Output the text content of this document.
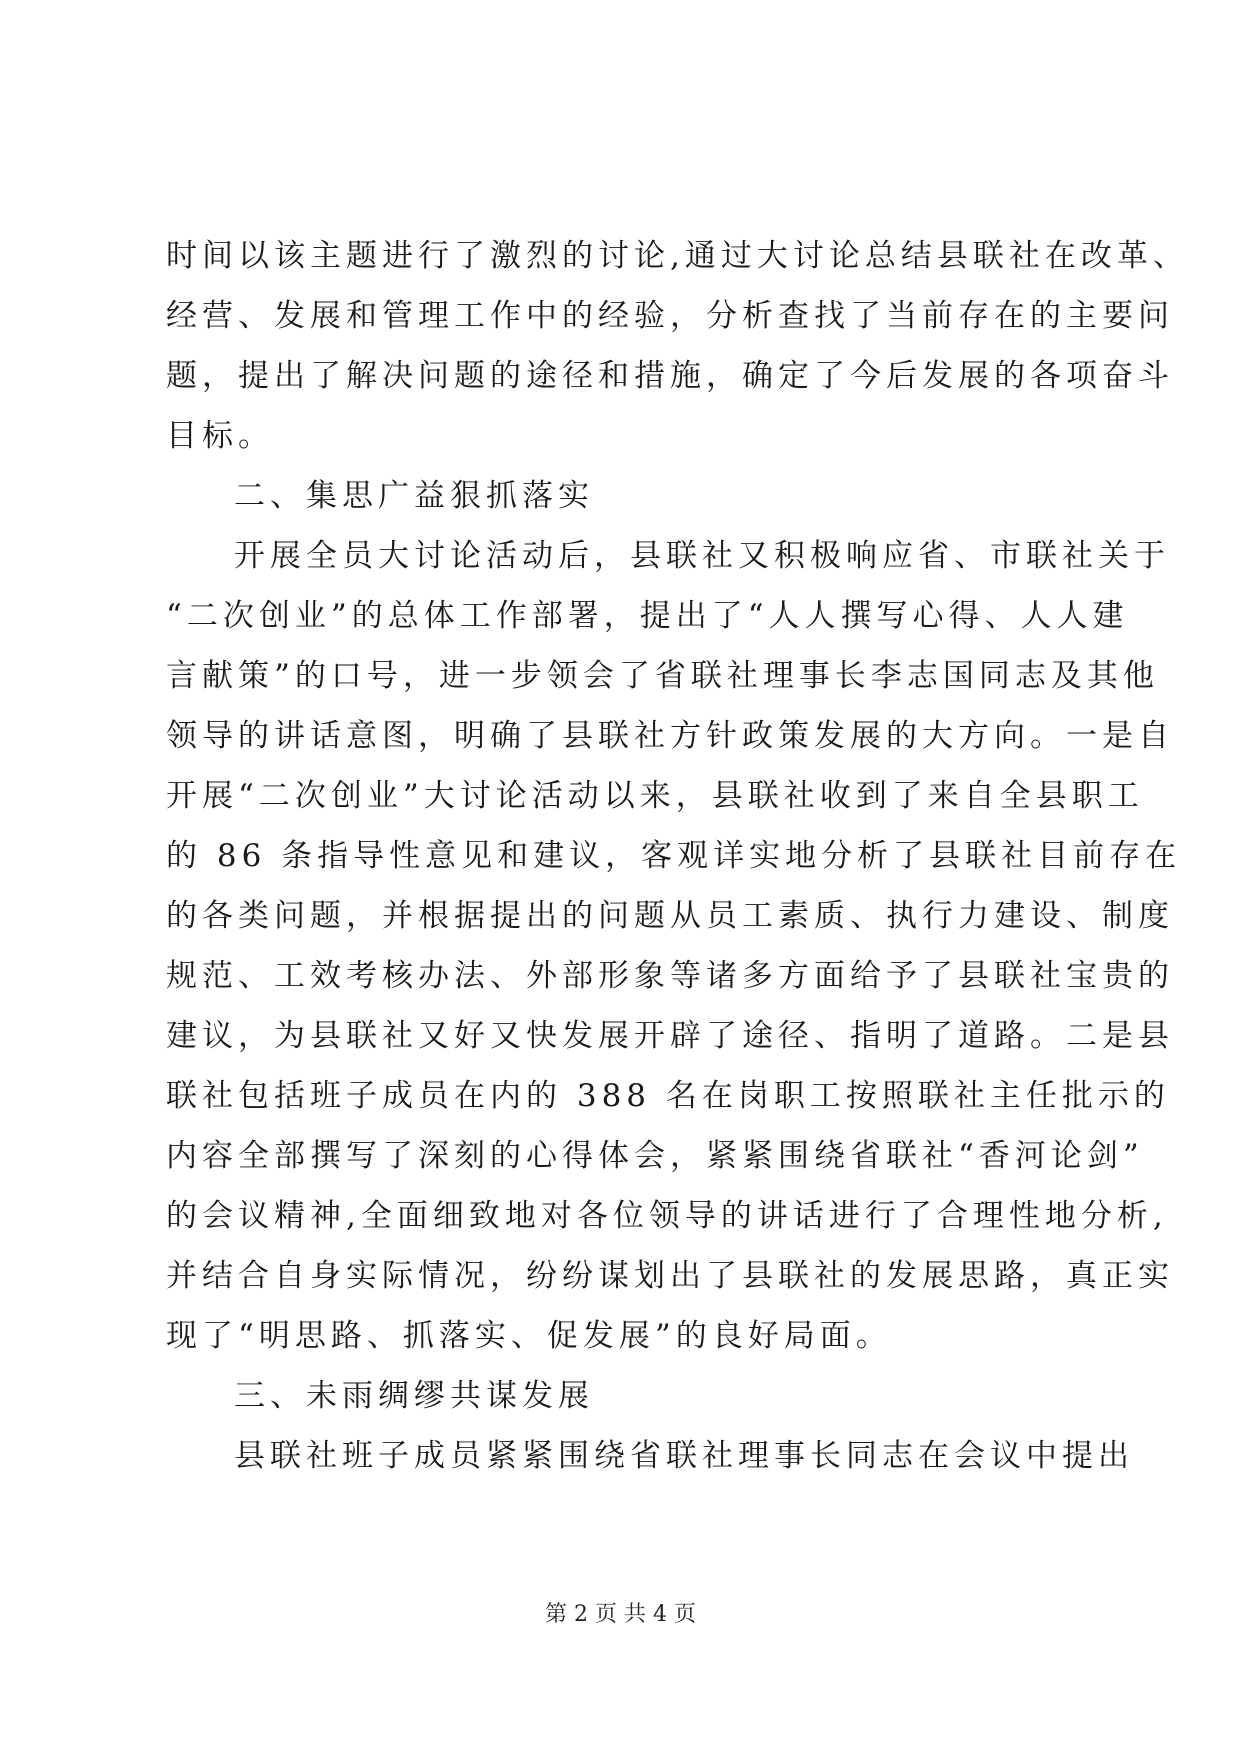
时间以该主题进行了激烈的讨论,通过大讨论总结县联社在改革、
经营、发展和管理工作中的经验，分析查找了当前存在的主要问
题，提出了解决问题的途径和措施，确定了今后发展的各项奋斗
目标。
二、集思广益狠抓落实
开展全员大讨论活动后，县联社又积极响应省、市联社关于
“二次创业”的总体工作部署，提出了“人人撰写心得、人人建
言献策”的口号，进一步领会了省联社理事长李志国同志及其他
领导的讲话意图，明确了县联社方针政策发展的大方向。一是自
开展“二次创业”大讨论活动以来，县联社收到了来自全县职工
的 86 条指导性意见和建议，客观详实地分析了县联社目前存在
的各类问题，并根据提出的问题从员工素质、执行力建设、制度
规范、工效考核办法、外部形象等诸多方面给予了县联社宝贵的
建议，为县联社又好又快发展开辟了途径、指明了道路。二是县
联社包括班子成员在内的 388 名在岗职工按照联社主任批示的
内容全部撰写了深刻的心得体会，紧紧围绕省联社“香河论剑”
的会议精神,全面细致地对各位领导的讲话进行了合理性地分析,
并结合自身实际情况，纷纷谋划出了县联社的发展思路，真正实
现了“明思路、抓落实、促发展”的良好局面。
三、未雨绸缪共谋发展
县联社班子成员紧紧围绕省联社理事长同志在会议中提出
第 2 页 共 4 页
